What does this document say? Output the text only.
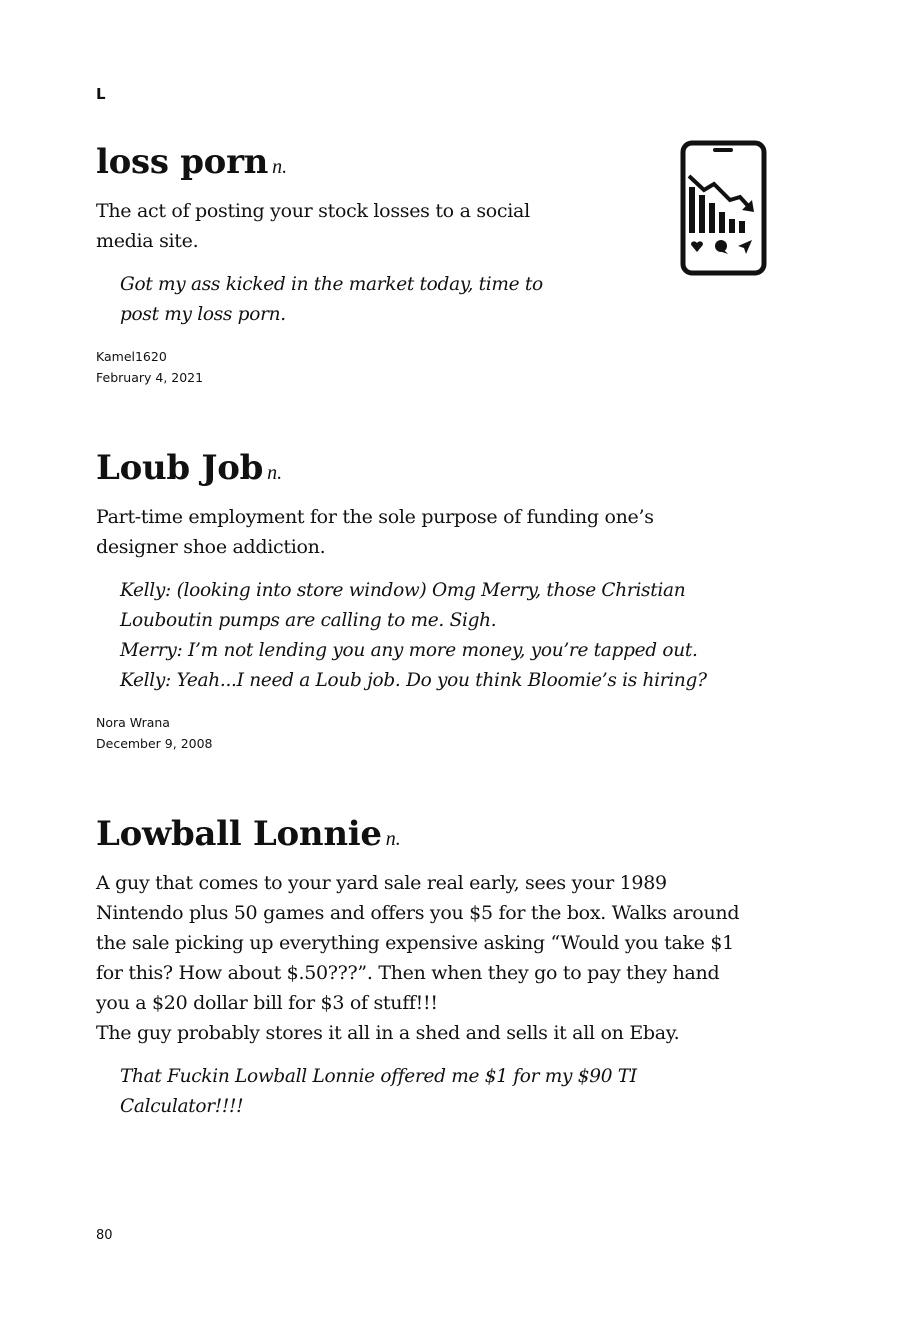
L

loss porn n.

The act of posting your stock losses to a social
media site.

Got my ass kicked in the market today, time to
post my loss porn.

Kamel1620
February 4, 2021

Loub Job n.

Part-time employment for the sole purpose of funding one’s
designer shoe addiction.

Kelly: (looking into store window) Omg Merry, those Christian
Louboutin pumps are calling to me. Sigh.
Merry: I’m not lending you any more money, you’re tapped out.
Kelly: Yeah...I need a Loub job. Do you think Bloomie’s is hiring?

Nora Wrana
December 9, 2008

Lowball Lonnie n.

A guy that comes to your yard sale real early, sees your 1989
Nintendo plus 50 games and offers you $5 for the box. Walks around
the sale picking up everything expensive asking “Would you take $1
for this? How about $.50???”. Then when they go to pay they hand
you a $20 dollar bill for $3 of stuff!!!
The guy probably stores it all in a shed and sells it all on Ebay.

That Fuckin Lowball Lonnie offered me $1 for my $90 TI
Calculator!!!!

80
